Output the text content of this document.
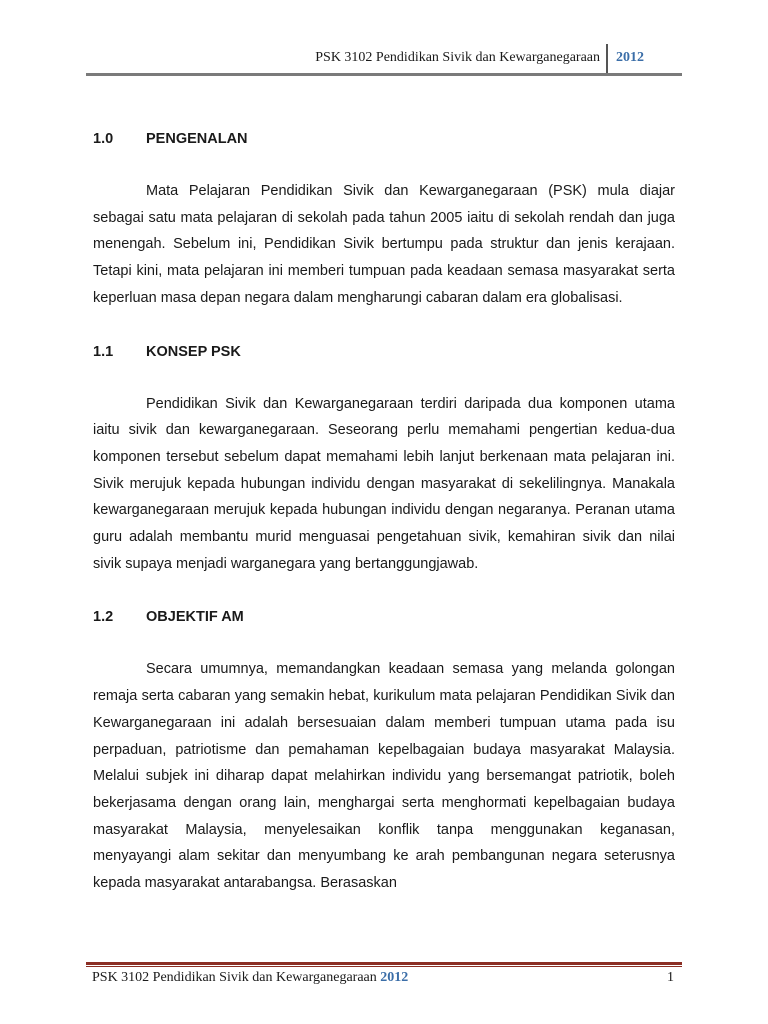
PSK 3102 Pendidikan Sivik dan Kewarganegaraan 2012
1.0 PENGENALAN

Mata Pelajaran Pendidikan Sivik dan Kewarganegaraan (PSK) mula diajar sebagai satu mata pelajaran di sekolah pada tahun 2005 iaitu di sekolah rendah dan juga menengah. Sebelum ini, Pendidikan Sivik bertumpu pada struktur dan jenis kerajaan. Tetapi kini, mata pelajaran ini memberi tumpuan pada keadaan semasa masyarakat serta keperluan masa depan negara dalam mengharungi cabaran dalam era globalisasi.

1.1 KONSEP PSK

Pendidikan Sivik dan Kewarganegaraan terdiri daripada dua komponen utama iaitu sivik dan kewarganegaraan. Seseorang perlu memahami pengertian kedua-dua komponen tersebut sebelum dapat memahami lebih lanjut berkenaan mata pelajaran ini. Sivik merujuk kepada hubungan individu dengan masyarakat di sekelilingnya. Manakala kewarganegaraan merujuk kepada hubungan individu dengan negaranya. Peranan utama guru adalah membantu murid menguasai pengetahuan sivik, kemahiran sivik dan nilai sivik supaya menjadi warganegara yang bertanggungjawab.

1.2 OBJEKTIF AM

Secara umumnya, memandangkan keadaan semasa yang melanda golongan remaja serta cabaran yang semakin hebat, kurikulum mata pelajaran Pendidikan Sivik dan Kewarganegaraan ini adalah bersesuaian dalam memberi tumpuan utama pada isu perpaduan, patriotisme dan pemahaman kepelbagaian budaya masyarakat Malaysia. Melalui subjek ini diharap dapat melahirkan individu yang bersemangat patriotik, boleh bekerjasama dengan orang lain, menghargai serta menghormati kepelbagaian budaya masyarakat Malaysia, menyelesaikan konflik tanpa menggunakan keganasan, menyayangi alam sekitar dan menyumbang ke arah pembangunan negara seterusnya kepada masyarakat antarabangsa. Berasaskan

PSK 3102 Pendidikan Sivik dan Kewarganegaraan 2012	1
